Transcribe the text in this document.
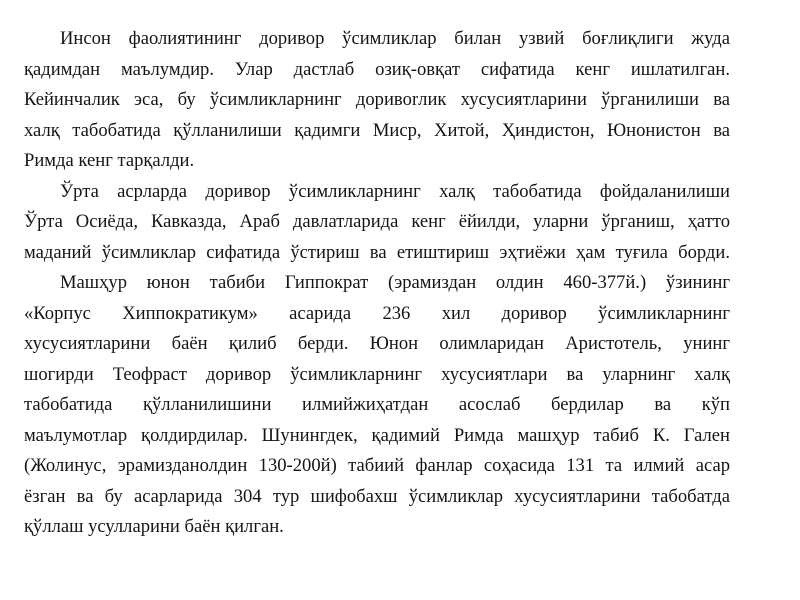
Инсон фаолиятининг доривор ўсимликлар билан узвий боғлиқлиги жуда
қадимдан маълумдир. Улар дастлаб озиқ-овқат сифатида кенг ишлатилган.
Кейинчалик эса, бу ўсимликларнинг доривorлик хусусиятларини ўрганилиши ва
халқ табобатида қўлланилиши қадимги Миср, Хитой, Ҳиндистон, Юнонистон ва
Римда кенг тарқалди.
Ўрта асрларда доривор ўсимликларнинг халқ табобатида фойдаланилиши
Ўрта Осиёда, Кавказда, Араб давлатларида кенг ёйилди, уларни ўрганиш, ҳатто
маданий ўсимликлар сифатида ўстириш ва етиштириш эҳтиёжи ҳам туғила борди.
Машҳур юнон табиби Гиппократ (эрамиздан олдин 460-377й.) ўзининг
«Корпус Хиппократикум» асарида 236 хил доривор ўсимликларнинг
хусусиятларини баён қилиб берди. Юнон олимларидан Аристотель, унинг
шогирди Теофраст доривор ўсимликларнинг хусусиятлари ва уларнинг халқ
табобатида қўлланилишини илмийжиҳатдан асослаб бердилар ва кўп
маълумотлар қолдирдилар. Шунингдек, қадимий Римда машҳур табиб К. Гален
(Жолинус, эрамизданолдин 130-200й) табиий фанлар соҳасида 131 та илмий асар
ёзган ва бу асарларида 304 тур шифобахш ўсимликлар хусусиятларини табобатда
қўллаш усулларини баён қилган.
